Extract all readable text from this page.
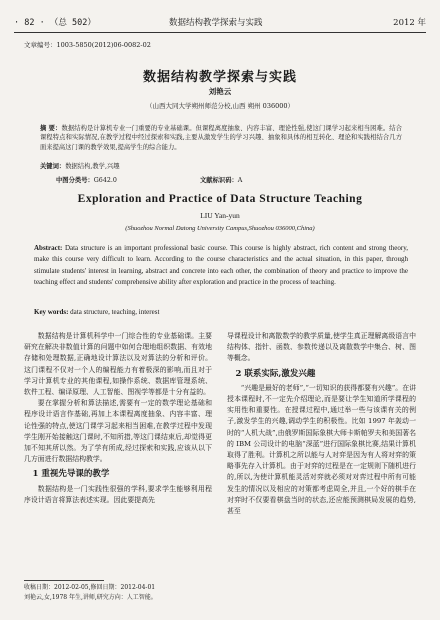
· 82 · （总 502）	数据结构教学探索与实践	2012 年
文章编号：1003-5850(2012)06-0082-02
数据结构教学探索与实践
刘艳云
（山西大同大学朔州师范分校,山西 朔州 036000）
摘 要：数据结构是计算机专业一门重要的专业基础课。但课程离度抽象、内容丰富、理论性强,使这门课学习起来相当困难。结合课程特点和实际情况,在教学过程中经过探索和实践,主要从激发学生的学习兴趣、抽象和具体的相互转化、理论和实践相结合几方面来提高这门课的教学效果,提高学生的综合能力。
关键词：数据结构,教学,兴趣
中图分类号：G642.0	文献标识码：A
Exploration and Practice of Data Structure Teaching
LIU Yan-yun
(Shuozhou Normal Datong University Campus,Shuozhou 036000,China)
Abstract: Data structure is an important professional basic course. This course is highly abstract, rich content and strong theory, make this course very difficult to learn. According to the course characteristics and the actual situation, in this paper, through stimulate students' interest in learning, abstract and concrete into each other, the combination of theory and practice to improve the teaching effect and students' comprehensive ability after exploration and practice in the process of teaching.
Key words: data structure, teaching, interest

数据结构是计算机科学中一门综合性的专业基础课。主要研究在解决非数值计算的问题中如何合理地组织数据、有效地存储和处理数据,正确地设计算法以及对算法的分析和评价。这门课程不仅对一个人的编程能力有着极深的影响,而且对于学习计算机专业的其他课程,如操作系统、数据库管理系统、软件工程、编译原理、人工智能、图视学等都是十分有益的。

要在掌握分析和算法描述,需要有一定的数学理论基础和程序设计语言作基础,再加上本课程离度抽象、内容丰富、理论性强的特点,使这门课学习起来相当困难,在教学过程中发现学生刚开始接触这门课时,不知所措,等这门课结束后,却觉得更加不知其所以然。为了学有所成,经过探索和实践,应该从以下几方面进行数据结构教学。

1 重视先导课的教学

数据结构是一门实践性很强的学科,要求学生能够利用程序设计语言将算法表述实现。因此要提高先

导课程设计和离散数学的教学质量,使学生真正理解离级语言中结构体、指针、函数、参数传递以及离散数学中集合、树、图等概念。

2 联系实际,激发兴趣

“兴趣是最好的老师”,“一切知识的获得都要有兴趣”。在讲授本课程时,不一定先介绍理论,而是要让学生知道所学课程的实用性和重要性。在授课过程中,通过举一些与该课有关的例子,激发学生的兴趣,调动学生的积极性。比如 1997 年轰动一时的“人机大战”,由俄罗斯国际象棋大师卡斯帕罗夫和美国著名的 IBM 公司设计的电脑“深蓝”进行国际象棋比赛,结果计算机取得了胜利。计算机之所以能与人对弈是因为有人将对弈的策略事先存入计算机。由于对弈的过程是在一定规则下随机进行的,所以,为使计算机能灵活对弈就必须对对弈过程中所有可能发生的情况以及相应的对策都考虑周全,并且,一个好的棋手在对弈时不仅要看棋盘当时的状态,还应能预测棋局发展的趋势,甚至

收稿日期：2012-02-05,修回日期：2012-04-01
刘艳云,女,1978 年生,讲师,研究方向：人工智能。
